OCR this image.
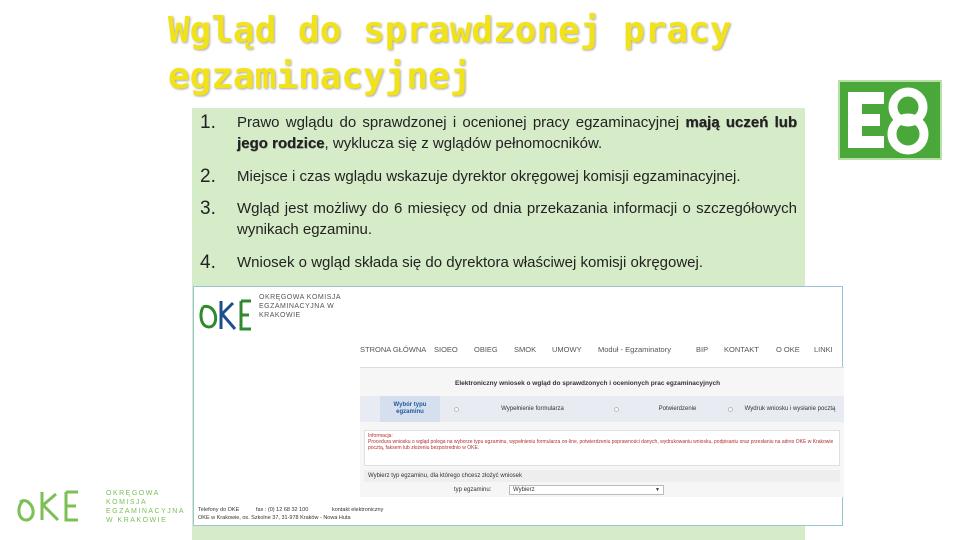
Wgląd do sprawdzonej pracy egzaminacyjnej
1. Prawo wglądu do sprawdzonej i ocenionej pracy egzaminacyjnej mają uczeń lub jego rodzice, wyklucza się z wglądów pełnomocników.
2. Miejsce i czas wglądu wskazuje dyrektor okręgowej komisji egzaminacyjnej.
3. Wgląd jest możliwy do 6 miesięcy od dnia przekazania informacji o szczegółowych wynikach egzaminu.
4. Wniosek o wgląd składa się do dyrektora właściwej komisji okręgowej.
OKRĘGOWA KOMISJA EGZAMINACYJNA W KRAKOWIE
STRONA GŁÓWNA SIOEO OBIEG SMOK UMOWY Moduł - Egzaminatory	BIP KONTAKT O OKE LINKI
Elektroniczny wniosek o wgląd do sprawdzonych i ocenionych prac egzaminacyjnych
Wybór typu egzaminu
Wypełnienie formularza	Potwierdzenie	Wydruk wniosku i wysłanie pocztą
Informacja:
Procedura wniosku o wgląd polega na wyborze typu egzaminu, wypełnieniu formularza on-line, potwierdzeniu poprawności danych, wydrukowaniu wniosku, podpisaniu oraz przesłaniu na adres OKE w Krakowie pocztą, faksem lub złożeniu bezpośrednio w OKE.
Wybierz typ egzaminu, dla którego chcesz złożyć wniosek
typ egzaminu:	Wybierz	▼
Telefony do OKE	fax : (0) 12 68 32 100	kontakt elektroniczny
OKE w Krakowie, os. Szkolne 37, 31-978 Kraków - Nowa Huta
OKE
OKRĘGOWA KOMISJA EGZAMINACYJNA W KRAKOWIE
